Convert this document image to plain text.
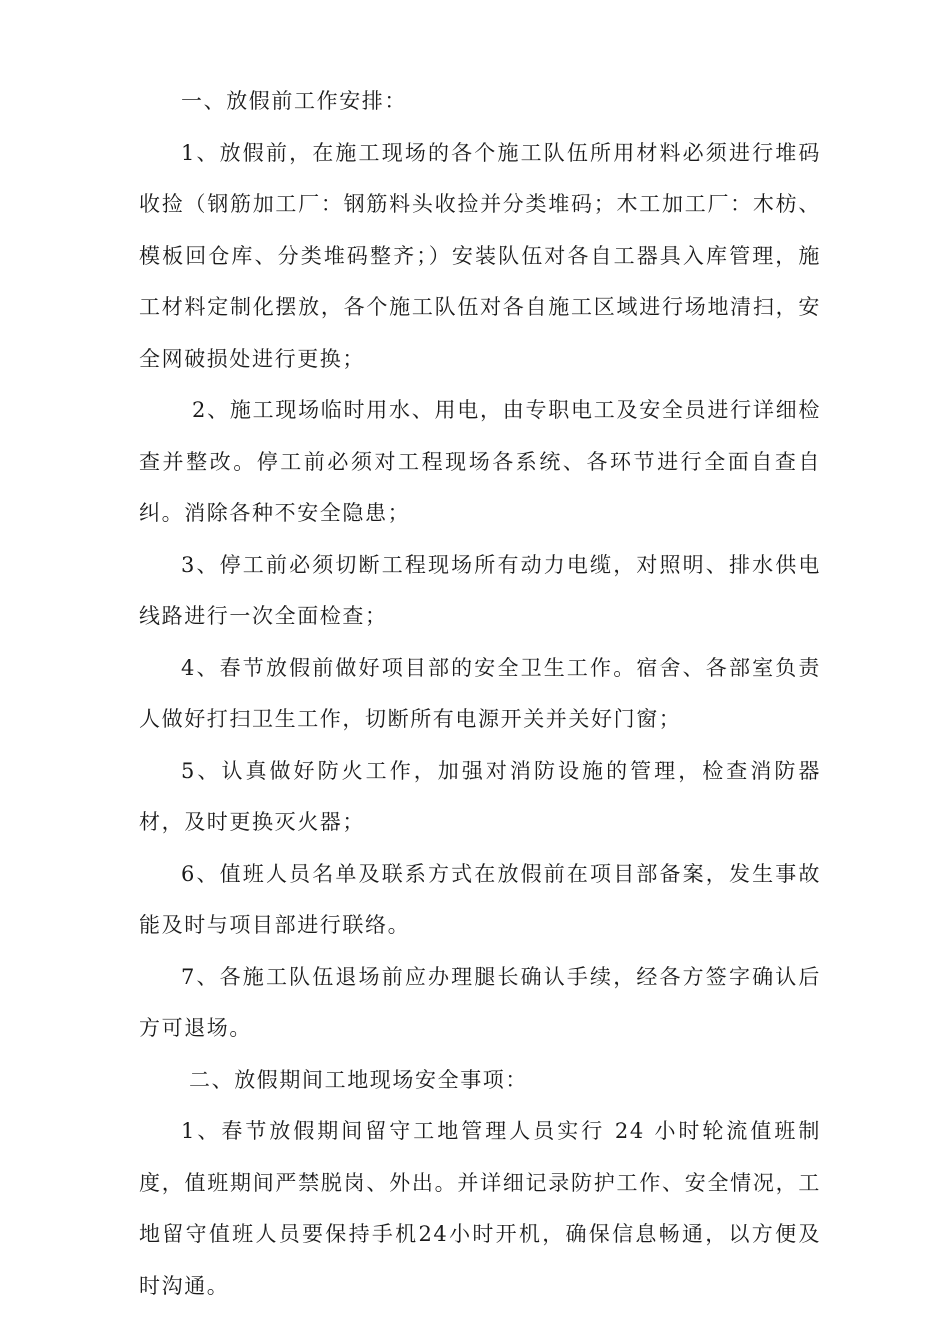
一、放假前工作安排：

1、放假前，在施工现场的各个施工队伍所用材料必须进行堆码收捡（钢筋加工厂：钢筋料头收捡并分类堆码；木工加工厂：木枋、模板回仓库、分类堆码整齐；）安装队伍对各自工器具入库管理，施工材料定制化摆放，各个施工队伍对各自施工区域进行场地清扫，安全网破损处进行更换；

2、施工现场临时用水、用电，由专职电工及安全员进行详细检查并整改。停工前必须对工程现场各系统、各环节进行全面自查自纠。消除各种不安全隐患；

3、停工前必须切断工程现场所有动力电缆，对照明、排水供电线路进行一次全面检查；

4、春节放假前做好项目部的安全卫生工作。宿舍、各部室负责人做好打扫卫生工作，切断所有电源开关并关好门窗；

5、认真做好防火工作，加强对消防设施的管理，检查消防器材，及时更换灭火器；

6、值班人员名单及联系方式在放假前在项目部备案，发生事故能及时与项目部进行联络。

7、各施工队伍退场前应办理腿长确认手续，经各方签字确认后方可退场。

二、放假期间工地现场安全事项：

1、春节放假期间留守工地管理人员实行 24 小时轮流值班制度，值班期间严禁脱岗、外出。并详细记录防护工作、安全情况，工地留守值班人员要保持手机24小时开机，确保信息畅通，以方便及时沟通。
